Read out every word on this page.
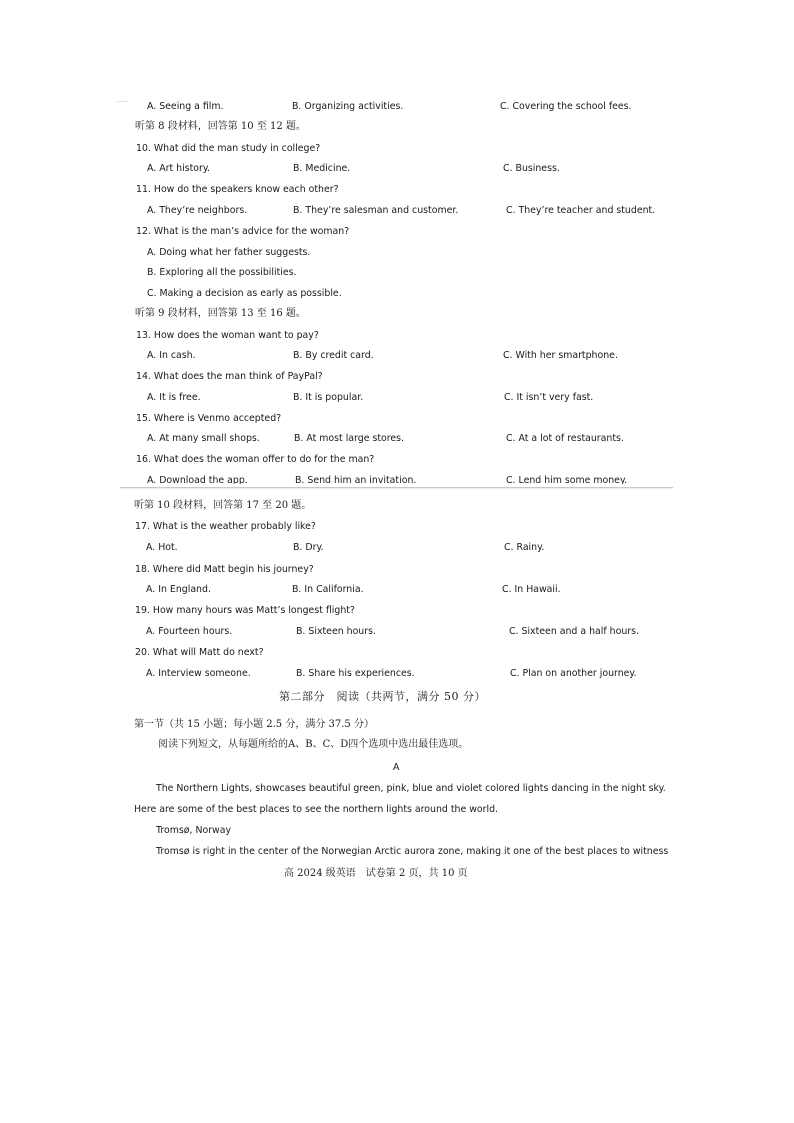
A. Seeing a film.	B. Organizing activities.	C. Covering the school fees.
听第 8 段材料，回答第 10 至 12 题。
10. What did the man study in college?
A. Art history.	B. Medicine.	C. Business.
11. How do the speakers know each other?
A. They’re neighbors.	B. They’re salesman and customer.	C. They’re teacher and student.
12. What is the man’s advice for the woman?
A. Doing what her father suggests.
B. Exploring all the possibilities.
C. Making a decision as early as possible.
听第 9 段材料，回答第 13 至 16 题。
13. How does the woman want to pay?
A. In cash.	B. By credit card.	C. With her smartphone.
14. What does the man think of PayPal?
A. It is free.	B. It is popular.	C. It isn’t very fast.
15. Where is Venmo accepted?
A. At many small shops.	B. At most large stores.	C. At a lot of restaurants.
16. What does the woman offer to do for the man?
A. Download the app.	B. Send him an invitation.	C. Lend him some money.
听第 10 段材料，回答第 17 至 20 题。
17. What is the weather probably like?
A. Hot.	B. Dry.	C. Rainy.
18. Where did Matt begin his journey?
A. In England.	B. In California.	C. In Hawaii.
19. How many hours was Matt’s longest flight?
A. Fourteen hours.	B. Sixteen hours.	C. Sixteen and a half hours.
20. What will Matt do next?
A. Interview someone.	B. Share his experiences.	C. Plan on another journey.
第二部分　阅读（共两节，满分 50 分）
第一节（共 15 小题；每小题 2.5 分，满分 37.5 分）
阅读下列短文，从每题所给的A、B、C、D四个选项中选出最佳选项。
A
The Northern Lights, showcases beautiful green, pink, blue and violet colored lights dancing in the night sky.
Here are some of the best places to see the northern lights around the world.
Tromsø, Norway
Tromsø is right in the center of the Norwegian Arctic aurora zone, making it one of the best places to witness
高 2024 级英语　试卷第 2 页，共 10 页
